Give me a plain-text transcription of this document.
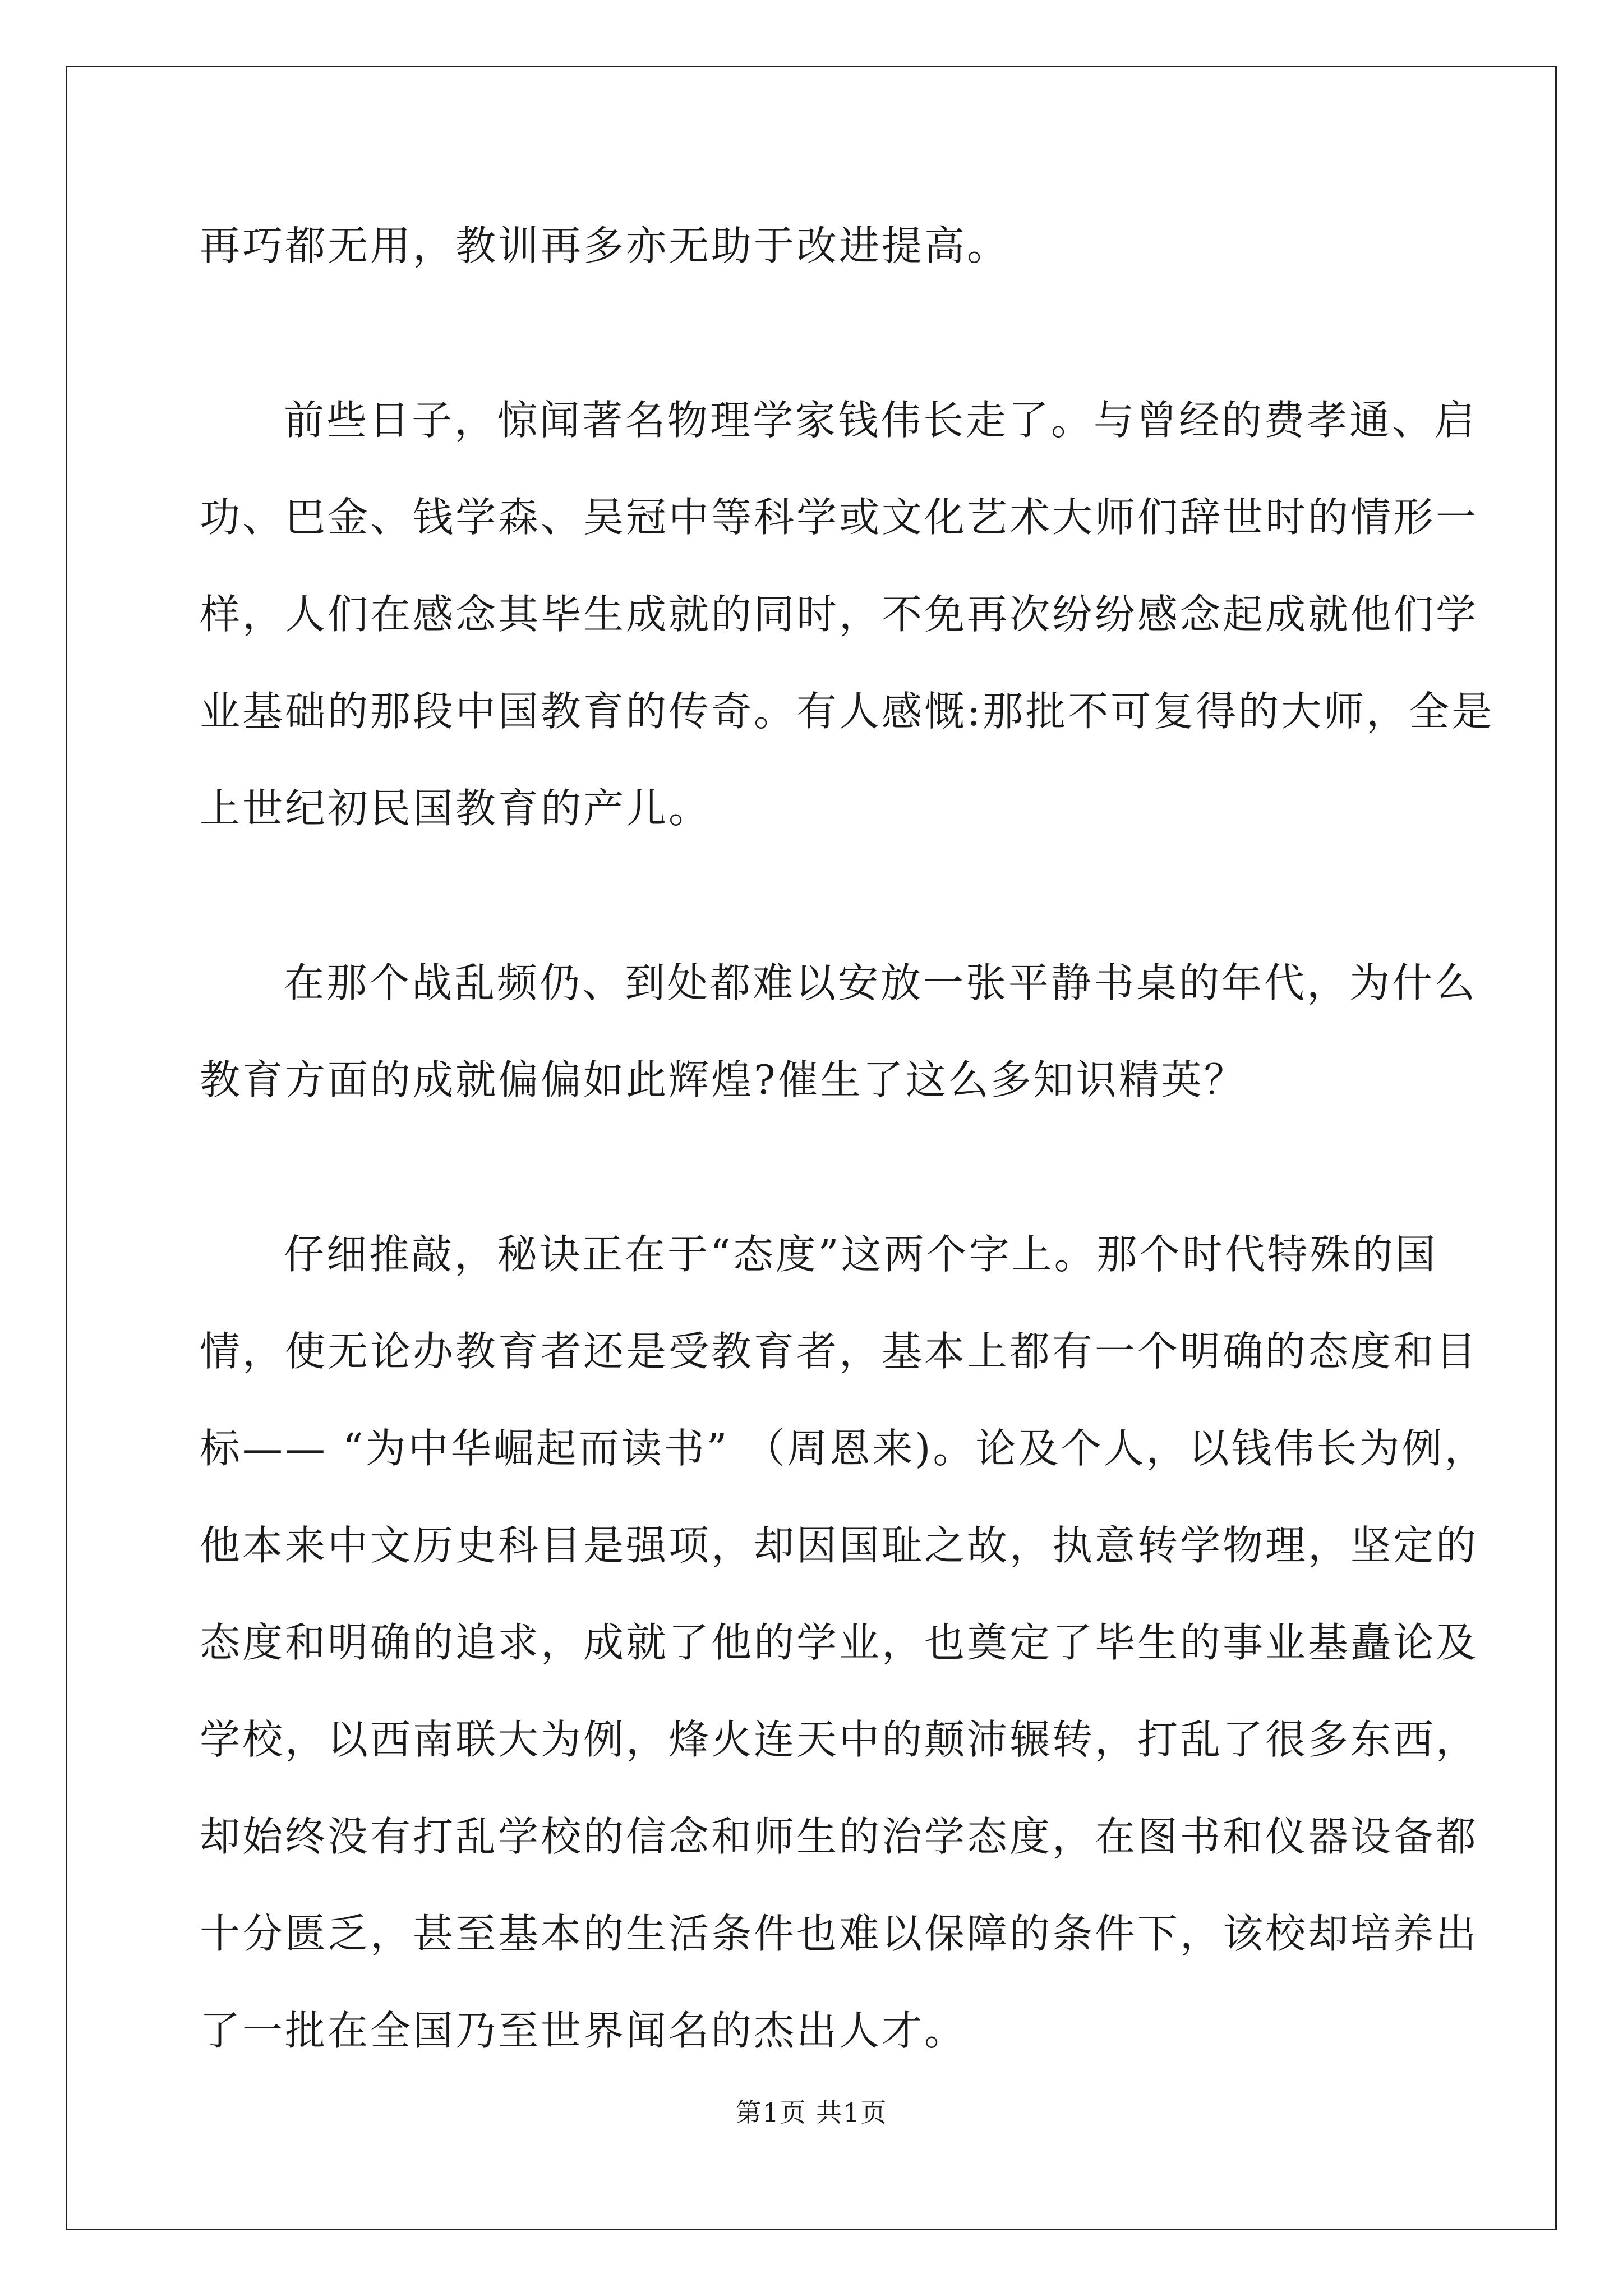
再巧都无用，教训再多亦无助于改进提高。
前些日子，惊闻著名物理学家钱伟长走了。与曾经的费孝通、启
功、巴金、钱学森、吴冠中等科学或文化艺术大师们辞世时的情形一
样，人们在感念其毕生成就的同时，不免再次纷纷感念起成就他们学
业基础的那段中国教育的传奇。有人感慨:那批不可复得的大师，全是
上世纪初民国教育的产儿。
在那个战乱频仍、到处都难以安放一张平静书桌的年代，为什么
教育方面的成就偏偏如此辉煌?催生了这么多知识精英？
仔细推敲，秘诀正在于“态度”这两个字上。那个时代特殊的国
情，使无论办教育者还是受教育者，基本上都有一个明确的态度和目
标—— “为中华崛起而读书” （周恩来)。论及个人，以钱伟长为例，
他本来中文历史科目是强项，却因国耻之故，执意转学物理，坚定的
态度和明确的追求，成就了他的学业，也奠定了毕生的事业基矗论及
学校，以西南联大为例，烽火连天中的颠沛辗转，打乱了很多东西，
却始终没有打乱学校的信念和师生的治学态度，在图书和仪器设备都
十分匮乏，甚至基本的生活条件也难以保障的条件下，该校却培养出
了一批在全国乃至世界闻名的杰出人才。
第1页 共1页
